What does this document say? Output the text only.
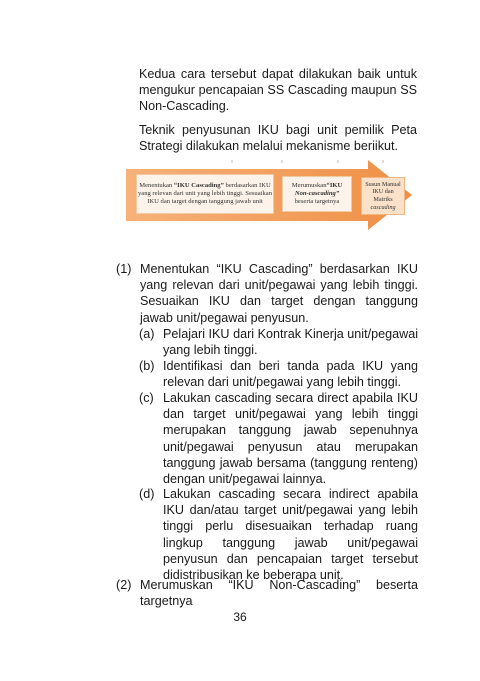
Kedua cara tersebut dapat dilakukan baik untuk mengukur pencapaian SS Cascading maupun SS Non-Cascading.

Teknik penyusunan IKU bagi unit pemilik Peta Strategi dilakukan melalui mekanisme beriikut.

Menentukan “IKU Cascading” berdasarkan IKU yang relevan dari unit yang lebih tinggi. Sesuaikan IKU dan target dengan tanggung jawab unit
Merumuskan“IKU
Non-cascading”
beserta targetnya
Susun Manual IKU dan Matriks
cascading
(1) Menentukan “IKU Cascading” berdasarkan IKU yang relevan dari unit/pegawai yang lebih tinggi. Sesuaikan IKU dan target dengan tanggung jawab unit/pegawai penyusun.
(a) Pelajari IKU dari Kontrak Kinerja unit/pegawai yang lebih tinggi.
(b) Identifikasi dan beri tanda pada IKU yang relevan dari unit/pegawai yang lebih tinggi.
(c) Lakukan cascading secara direct apabila IKU dan target unit/pegawai yang lebih tinggi merupakan tanggung jawab sepenuhnya unit/pegawai penyusun atau merupakan tanggung jawab bersama (tanggung renteng) dengan unit/pegawai lainnya.
(d) Lakukan cascading secara indirect apabila IKU dan/atau target unit/pegawai yang lebih tinggi perlu disesuaikan terhadap ruang lingkup tanggung jawab unit/pegawai penyusun dan pencapaian target tersebut didistribusikan ke beberapa unit.
(2) Merumuskan “IKU Non-Cascading” beserta targetnya
36
